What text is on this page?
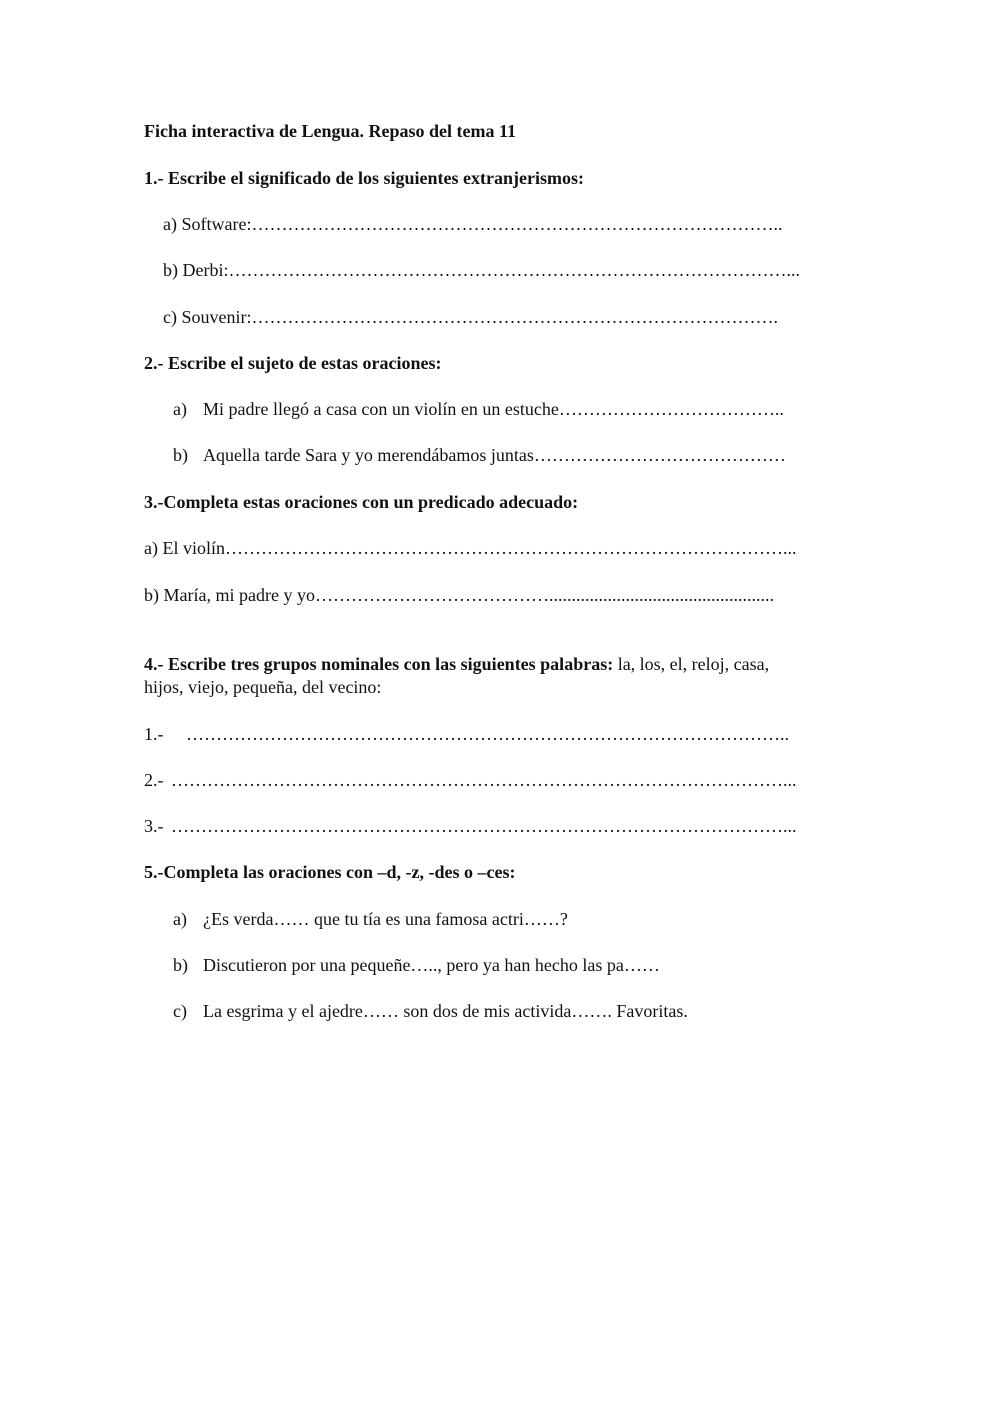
Ficha interactiva de Lengua. Repaso del tema 11
1.- Escribe el significado de los siguientes extranjerismos:
a) Software:……………………………………………………………………………..
b) Derbi:…………………………………………………………………………………...
c) Souvenir:…………………………………………………………………………….
2.- Escribe el sujeto de estas oraciones:
a) Mi padre llegó a casa con un violín en un estuche………………………………..
b) Aquella tarde Sara y yo merendábamos juntas……………………………………
3.-Completa estas oraciones con un predicado adecuado:
a) El violín…………………………………………………………………………………...
b) María, mi padre y yo…………………………………..................................................
4.- Escribe tres grupos nominales con las siguientes palabras: la, los, el, reloj, casa,
hijos, viejo, pequeña, del vecino:
1.- ………………………………………………………………………………………..
2.- …………………………………………………………………………………………...
3.- …………………………………………………………………………………………...
5.-Completa las oraciones con –d, -z, -des o –ces:
a) ¿Es verda…… que tu tía es una famosa actri……?
b) Discutieron por una pequeñe….., pero ya han hecho las pa……
c) La esgrima y el ajedre…… son dos de mis activida……. Favoritas.
